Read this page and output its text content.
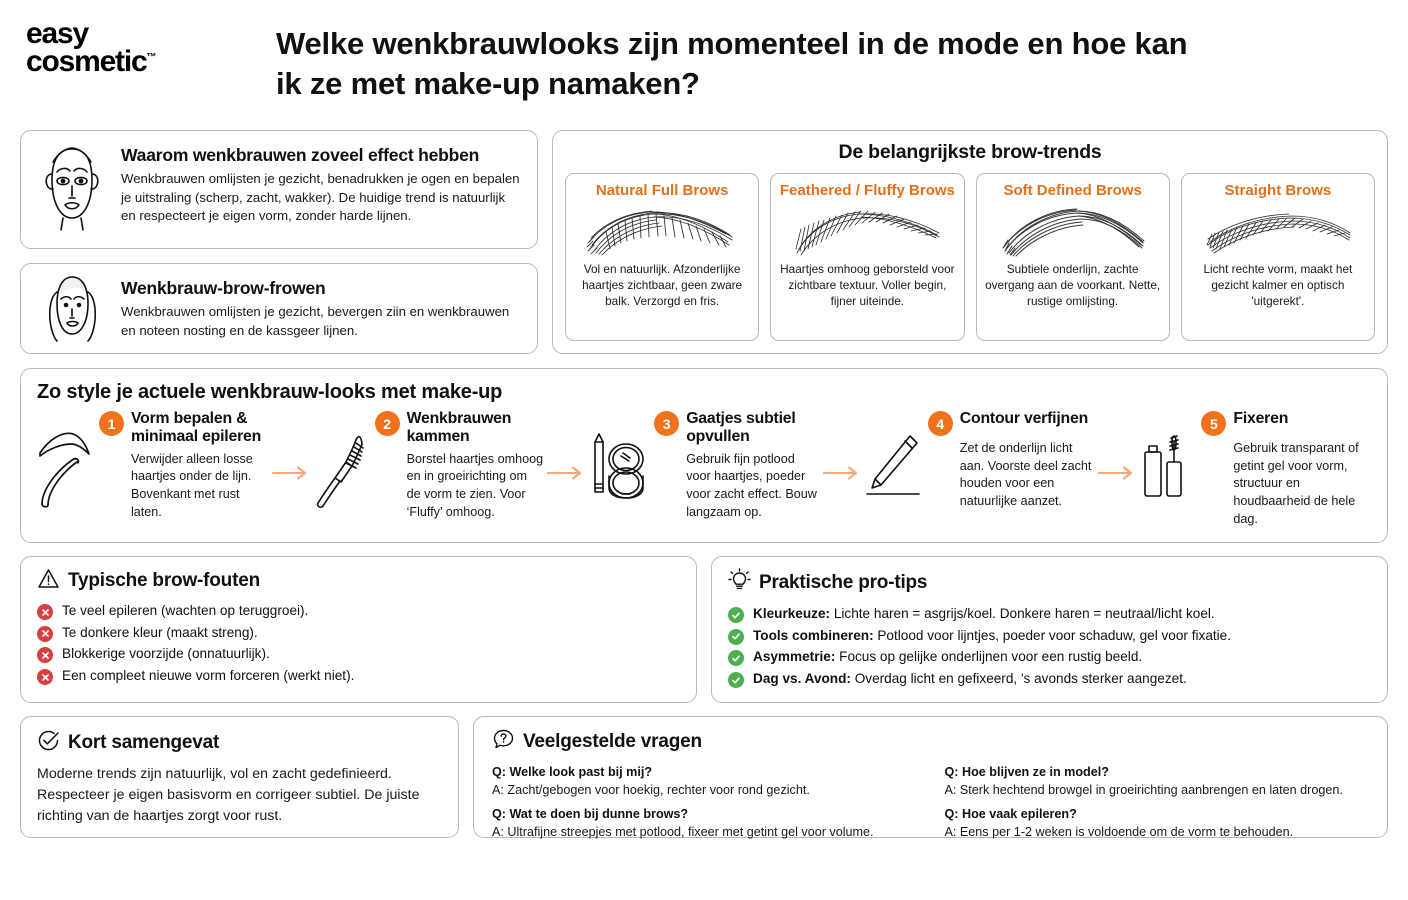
easy
cosmetic™	Welke wenkbrauwlooks zijn momenteel in de mode en hoe kan
ik ze met make-up namaken?
Waarom wenkbrauwen zoveel effect hebben
Wenkbrauwen omlijsten je gezicht, benadrukken je ogen en bepalen je uitstraling (scherp, zacht, wakker). De huidige trend is natuurlijk en respecteert je eigen vorm, zonder harde lijnen.
Wenkbrauw-brow-frowen
Wenkbrauwen omlijsten je gezicht, bevergen ziin en wenkbrauwen en noteen nosting en de kassgeer lijnen.
De belangrijkste brow-trends
Natural Full Brows
Vol en natuurlijk. Afzonderlijke haartjes zichtbaar, geen zware balk. Verzorgd en fris.
Feathered / Fluffy Brows
Haartjes omhoog geborsteld voor zichtbare textuur. Voller begin, fijner uiteinde.
Soft Defined Brows
Subtiele onderlijn, zachte overgang aan de voorkant. Nette, rustige omlijsting.
Straight Brows
Licht rechte vorm, maakt het gezicht kalmer en optisch 'uitgerekt'.
Zo style je actuele wenkbrauw-looks met make-up
1 Vorm bepalen & minimaal epileren
Verwijder alleen losse haartjes onder de lijn. Bovenkant met rust laten.
2 Wenkbrauwen kammen
Borstel haartjes omhoog en in groeirichting om de vorm te zien. Voor ‘Fluffy’ omhoog.
3 Gaatjes subtiel opvullen
Gebruik fijn potlood voor haartjes, poeder voor zacht effect. Bouw langzaam op.
4 Contour verfijnen
Zet de onderlijn licht aan. Voorste deel zacht houden voor een natuurlijke aanzet.
5 Fixeren
Gebruik transparant of getint gel voor vorm, structuur en houdbaarheid de hele dag.
Typische brow-fouten
Te veel epileren (wachten op teruggroei).
Te donkere kleur (maakt streng).
Blokkerige voorzijde (onnatuurlijk).
Een compleet nieuwe vorm forceren (werkt niet).
Praktische pro-tips
Kleurkeuze: Lichte haren = asgrijs/koel. Donkere haren = neutraal/licht koel.
Tools combineren: Potlood voor lijntjes, poeder voor schaduw, gel voor fixatie.
Asymmetrie: Focus op gelijke onderlijnen voor een rustig beeld.
Dag vs. Avond: Overdag licht en gefixeerd, 's avonds sterker aangezet.
Kort samengevat
Moderne trends zijn natuurlijk, vol en zacht gedefinieerd. Respecteer je eigen basisvorm en corrigeer subtiel. De juiste richting van de haartjes zorgt voor rust.
Veelgestelde vragen
Q: Welke look past bij mij?
A: Zacht/gebogen voor hoekig, rechter voor rond gezicht.
Q: Wat te doen bij dunne brows?
A: Ultrafijne streepjes met potlood, fixeer met getint gel voor volume.
Q: Hoe blijven ze in model?
A: Sterk hechtend browgel in groeirichting aanbrengen en laten drogen.
Q: Hoe vaak epileren?
A: Eens per 1-2 weken is voldoende om de vorm te behouden.
